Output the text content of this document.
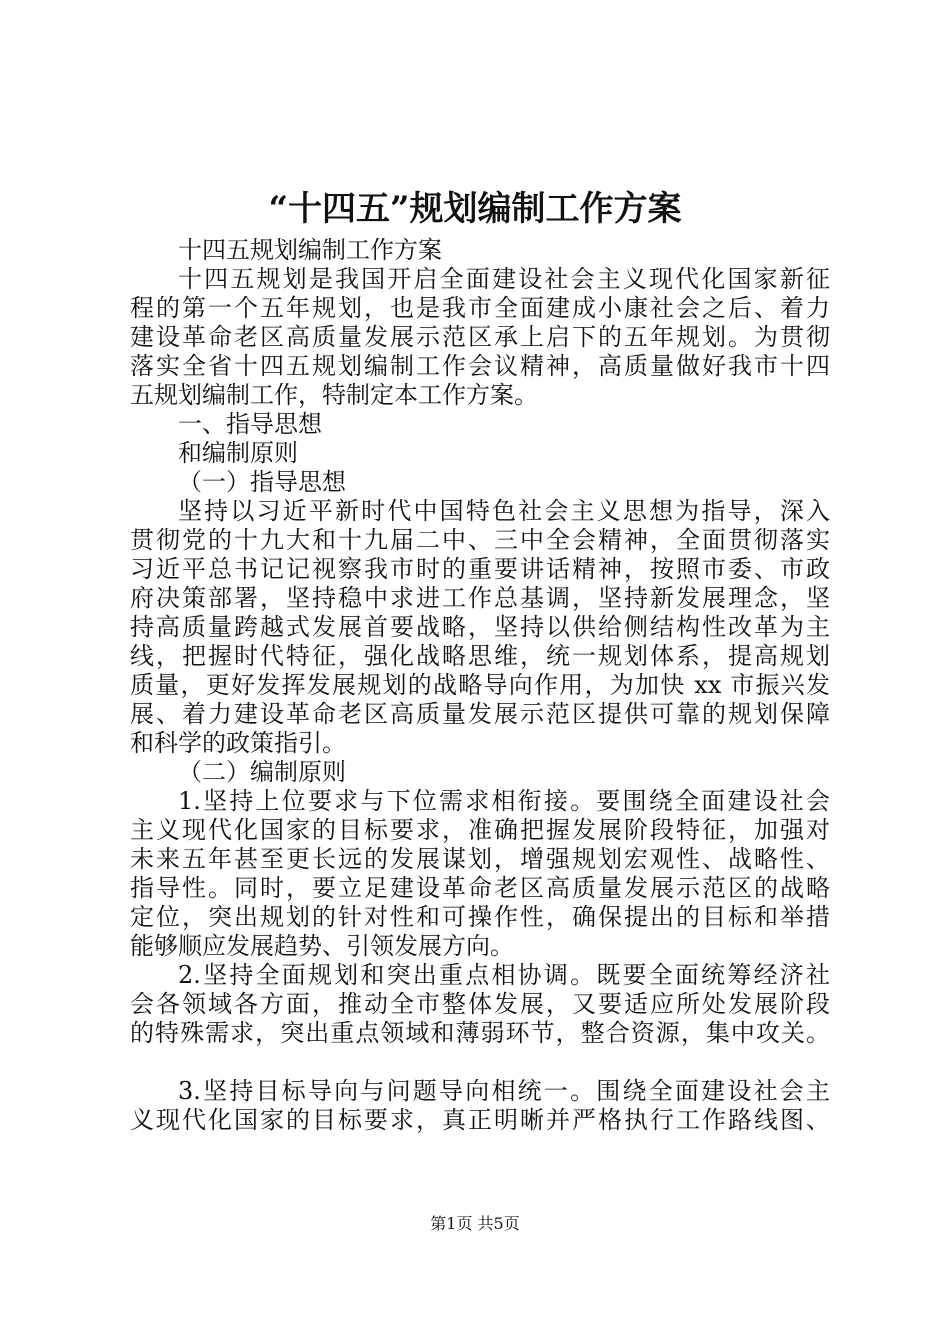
“十四五”规划编制工作方案
十四五规划编制工作方案
十四五规划是我国开启全面建设社会主义现代化国家新征
程的第一个五年规划，也是我市全面建成小康社会之后、着力
建设革命老区高质量发展示范区承上启下的五年规划。为贯彻
落实全省十四五规划编制工作会议精神，高质量做好我市十四
五规划编制工作，特制定本工作方案。
一、指导思想
和编制原则
（一）指导思想
坚持以习近平新时代中国特色社会主义思想为指导，深入
贯彻党的十九大和十九届二中、三中全会精神，全面贯彻落实
习近平总书记记视察我市时的重要讲话精神，按照市委、市政
府决策部署，坚持稳中求进工作总基调，坚持新发展理念，坚
持高质量跨越式发展首要战略，坚持以供给侧结构性改革为主
线，把握时代特征，强化战略思维，统一规划体系，提高规划
质量，更好发挥发展规划的战略导向作用，为加快 xx 市振兴发
展、着力建设革命老区高质量发展示范区提供可靠的规划保障
和科学的政策指引。
（二）编制原则
1.坚持上位要求与下位需求相衔接。要围绕全面建设社会
主义现代化国家的目标要求，准确把握发展阶段特征，加强对
未来五年甚至更长远的发展谋划，增强规划宏观性、战略性、
指导性。同时，要立足建设革命老区高质量发展示范区的战略
定位，突出规划的针对性和可操作性，确保提出的目标和举措
能够顺应发展趋势、引领发展方向。
2.坚持全面规划和突出重点相协调。既要全面统筹经济社
会各领域各方面，推动全市整体发展，又要适应所处发展阶段
的特殊需求，突出重点领域和薄弱环节，整合资源，集中攻关。
3.坚持目标导向与问题导向相统一。围绕全面建设社会主
义现代化国家的目标要求，真正明晰并严格执行工作路线图、
第1页 共5页
